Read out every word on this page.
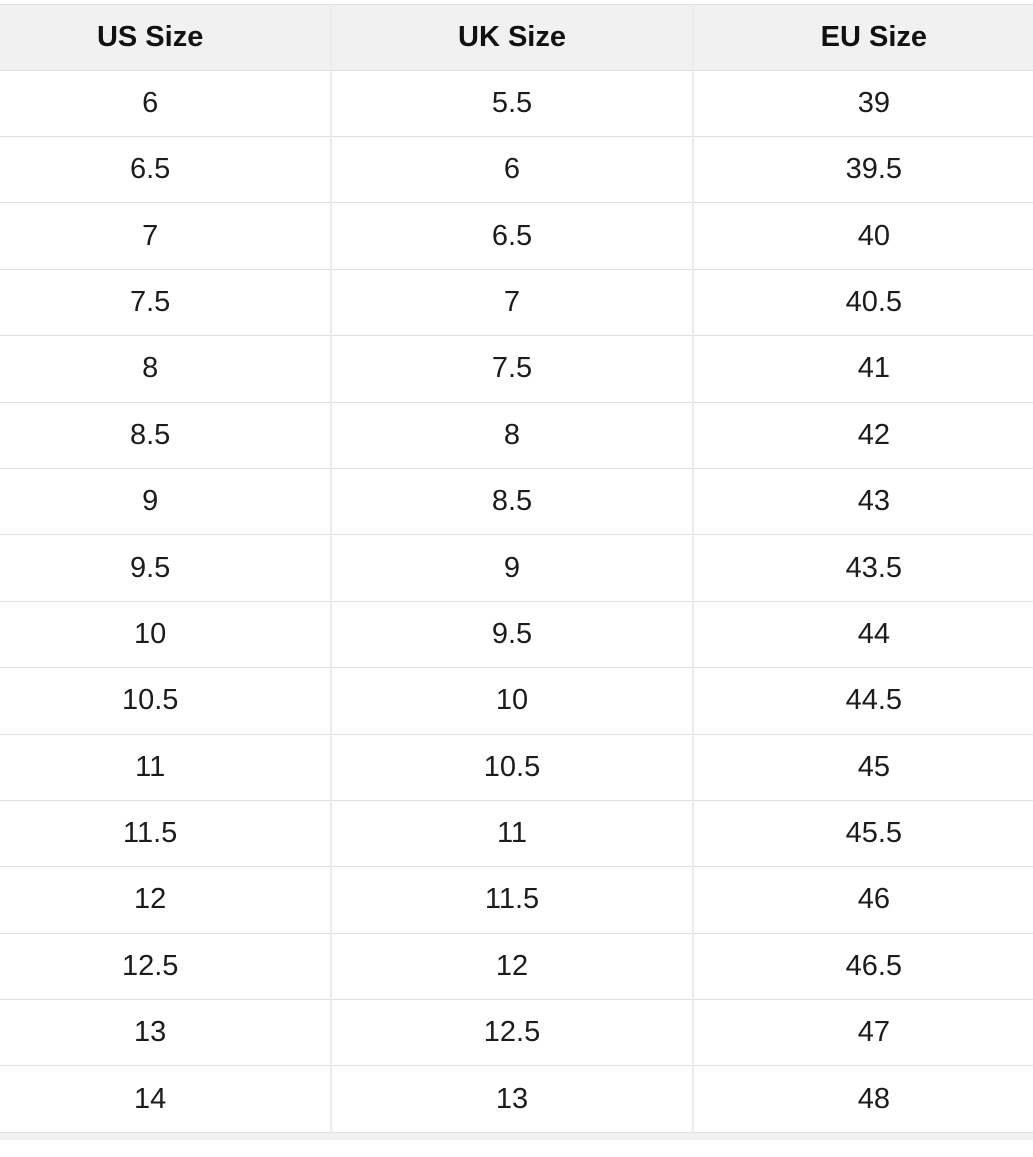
US Size	UK Size	EU Size
6	5.5	39
6.5	6	39.5
7	6.5	40
7.5	7	40.5
8	7.5	41
8.5	8	42
9	8.5	43
9.5	9	43.5
10	9.5	44
10.5	10	44.5
11	10.5	45
11.5	11	45.5
12	11.5	46
12.5	12	46.5
13	12.5	47
14	13	48
